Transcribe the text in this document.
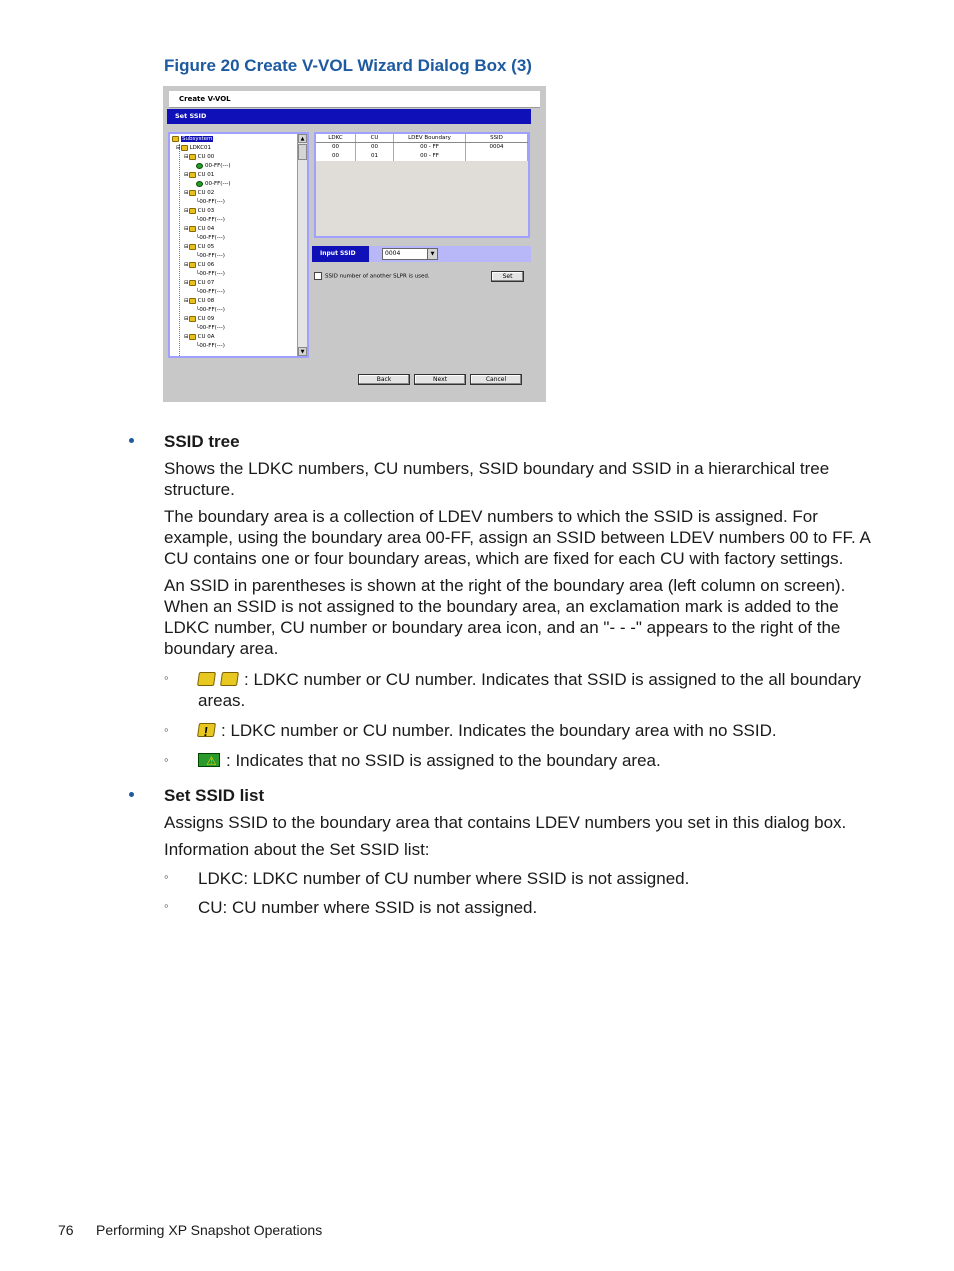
Figure 20 Create V-VOL Wizard Dialog Box (3)
Create V-VOL
Set SSID
Subsystem
⊟ LDKC01
⊟ CU 00
00-FF(---)
⊟ CU 01
00-FF(---)
⊟ CU 02
└00-FF(---)
⊟ CU 03
└00-FF(---)
⊟ CU 04
└00-FF(---)
⊟ CU 05
└00-FF(---)
⊟ CU 06
└00-FF(---)
⊟ CU 07
└00-FF(---)
⊟ CU 08
└00-FF(---)
⊟ CU 09
└00-FF(---)
⊟ CU 0A
└00-FF(---)
▲
▼
LDKC	CU	LDEV Boundary	SSID
00	00	00 - FF	0004
00	01	00 - FF
Input SSID	0004	▼
SSID number of another SLPR is used.	Set
Back	Next	Cancel
SSID tree
Shows the LDKC numbers, CU numbers, SSID boundary and SSID in a hierarchical tree structure.
The boundary area is a collection of LDEV numbers to which the SSID is assigned. For example, using the boundary area 00-FF, assign an SSID between LDEV numbers 00 to FF. A CU contains one or four boundary areas, which are fixed for each CU with factory settings.
An SSID in parentheses is shown at the right of the boundary area (left column on screen). When an SSID is not assigned to the boundary area, an exclamation mark is added to the LDKC number, CU number or boundary area icon, and an "- - -" appears to the right of the boundary area.
◦	: LDKC number or CU number. Indicates that SSID is assigned to the all boundary areas.
◦ !	: LDKC number or CU number. Indicates the boundary area with no SSID.
◦ ⚠	: Indicates that no SSID is assigned to the boundary area.
Set SSID list
Assigns SSID to the boundary area that contains LDEV numbers you set in this dialog box.
Information about the Set SSID list:
◦ LDKC: LDKC number of CU number where SSID is not assigned.
◦ CU: CU number where SSID is not assigned.
76 Performing XP Snapshot Operations
